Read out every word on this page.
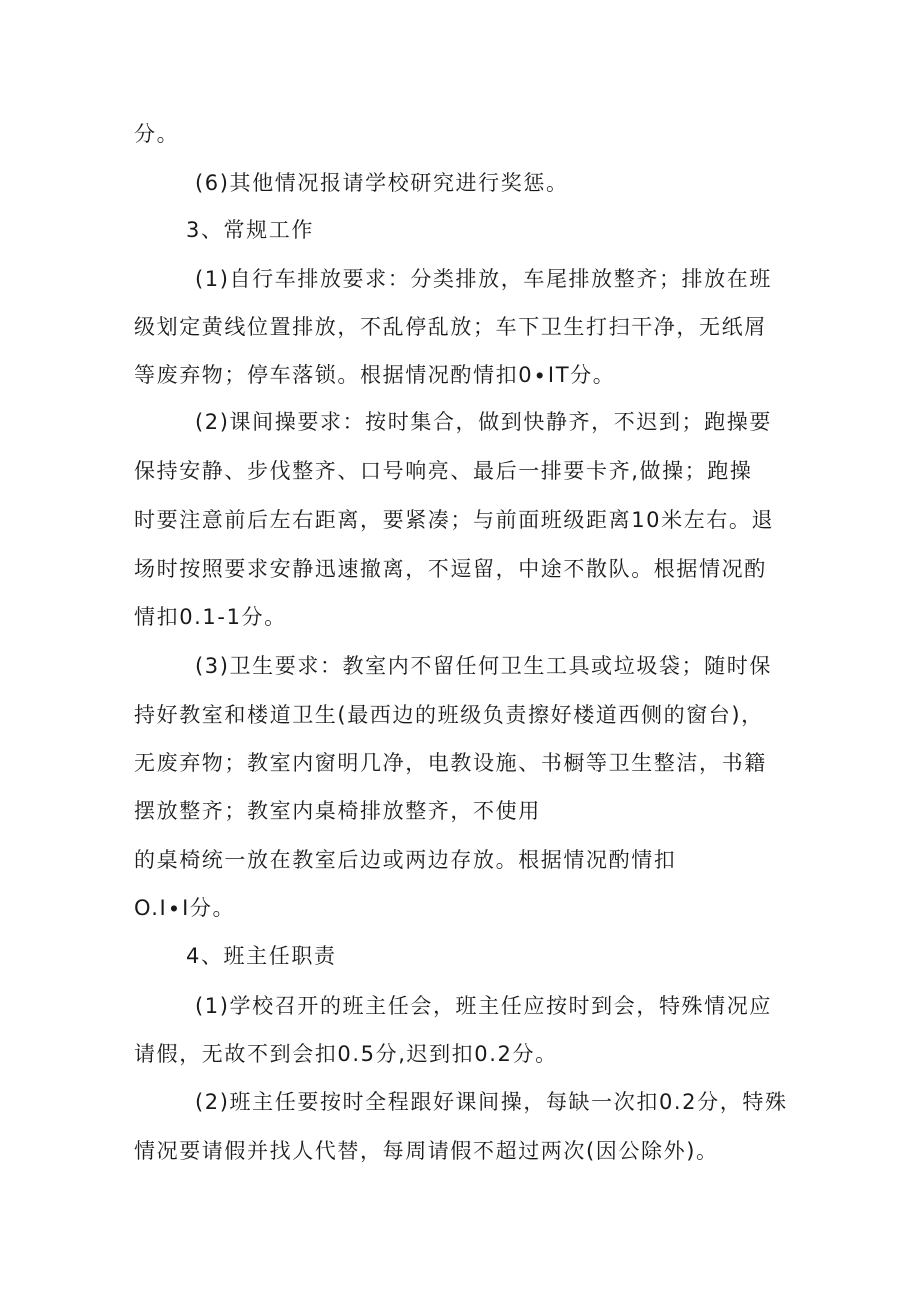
分。
(6)其他情况报请学校研究进行奖惩。
3、常规工作
(1)自行车排放要求：分类排放，车尾排放整齐；排放在班
级划定黄线位置排放，不乱停乱放；车下卫生打扫干净，无纸屑
等废弃物；停车落锁。根据情况酌情扣0∙IT分。
(2)课间操要求：按时集合，做到快静齐，不迟到；跑操要
保持安静、步伐整齐、口号响亮、最后一排要卡齐,做操；跑操
时要注意前后左右距离，要紧凑；与前面班级距离10米左右。退
场时按照要求安静迅速撤离，不逗留，中途不散队。根据情况酌
情扣0.1-1分。
(3)卫生要求：教室内不留任何卫生工具或垃圾袋；随时保
持好教室和楼道卫生(最西边的班级负责擦好楼道西侧的窗台)，
无废弃物；教室内窗明几净，电教设施、书橱等卫生整洁，书籍
摆放整齐；教室内桌椅排放整齐，不使用
的桌椅统一放在教室后边或两边存放。根据情况酌情扣
O.I∙I分。
4、班主任职责
(1)学校召开的班主任会，班主任应按时到会，特殊情况应
请假，无故不到会扣0.5分,迟到扣0.2分。
(2)班主任要按时全程跟好课间操，每缺一次扣0.2分，特殊
情况要请假并找人代替，每周请假不超过两次(因公除外)。
